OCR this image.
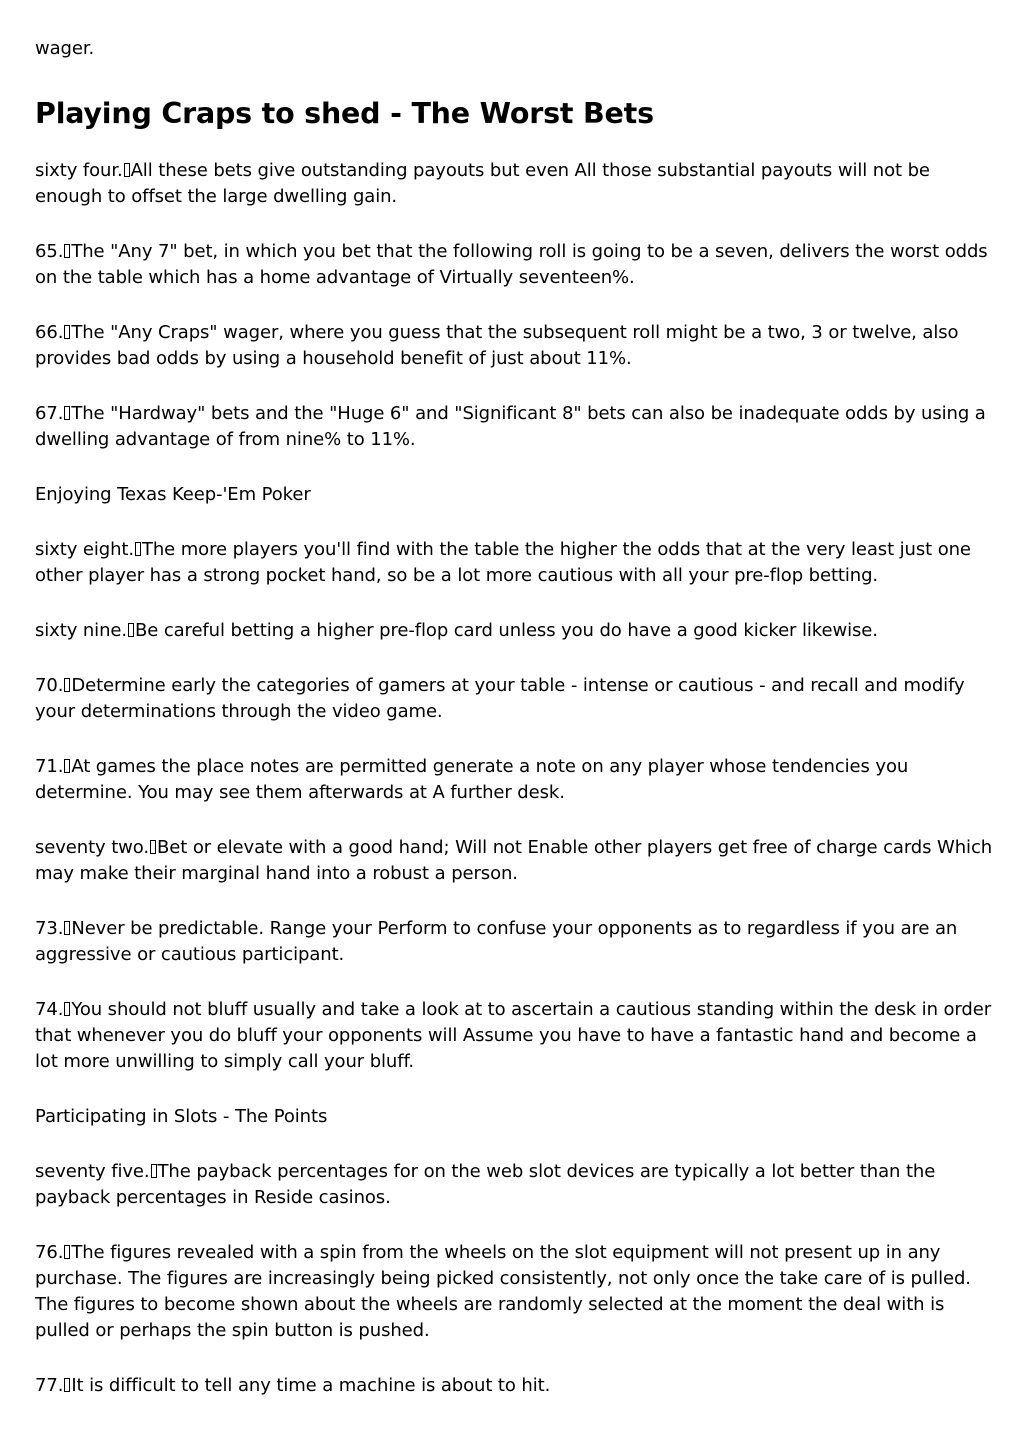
wager.

Playing Craps to shed - The Worst Bets

sixty four. All these bets give outstanding payouts but even All those substantial payouts will not be enough to offset the large dwelling gain.

65. The "Any 7" bet, in which you bet that the following roll is going to be a seven, delivers the worst odds on the table which has a home advantage of Virtually seventeen%.

66. The "Any Craps" wager, where you guess that the subsequent roll might be a two, 3 or twelve, also provides bad odds by using a household benefit of just about 11%.

67. The "Hardway" bets and the "Huge 6" and "Significant 8" bets can also be inadequate odds by using a dwelling advantage of from nine% to 11%.

Enjoying Texas Keep-'Em Poker

sixty eight. The more players you'll find with the table the higher the odds that at the very least just one other player has a strong pocket hand, so be a lot more cautious with all your pre-flop betting.

sixty nine. Be careful betting a higher pre-flop card unless you do have a good kicker likewise.

70. Determine early the categories of gamers at your table - intense or cautious - and recall and modify your determinations through the video game.

71. At games the place notes are permitted generate a note on any player whose tendencies you determine. You may see them afterwards at A further desk.

seventy two. Bet or elevate with a good hand; Will not Enable other players get free of charge cards Which may make their marginal hand into a robust a person.

73. Never be predictable. Range your Perform to confuse your opponents as to regardless if you are an aggressive or cautious participant.

74. You should not bluff usually and take a look at to ascertain a cautious standing within the desk in order that whenever you do bluff your opponents will Assume you have to have a fantastic hand and become a lot more unwilling to simply call your bluff.

Participating in Slots - The Points

seventy five. The payback percentages for on the web slot devices are typically a lot better than the payback percentages in Reside casinos.

76. The figures revealed with a spin from the wheels on the slot equipment will not present up in any purchase. The figures are increasingly being picked consistently, not only once the take care of is pulled. The figures to become shown about the wheels are randomly selected at the moment the deal with is pulled or perhaps the spin button is pushed.

77. It is difficult to tell any time a machine is about to hit.
